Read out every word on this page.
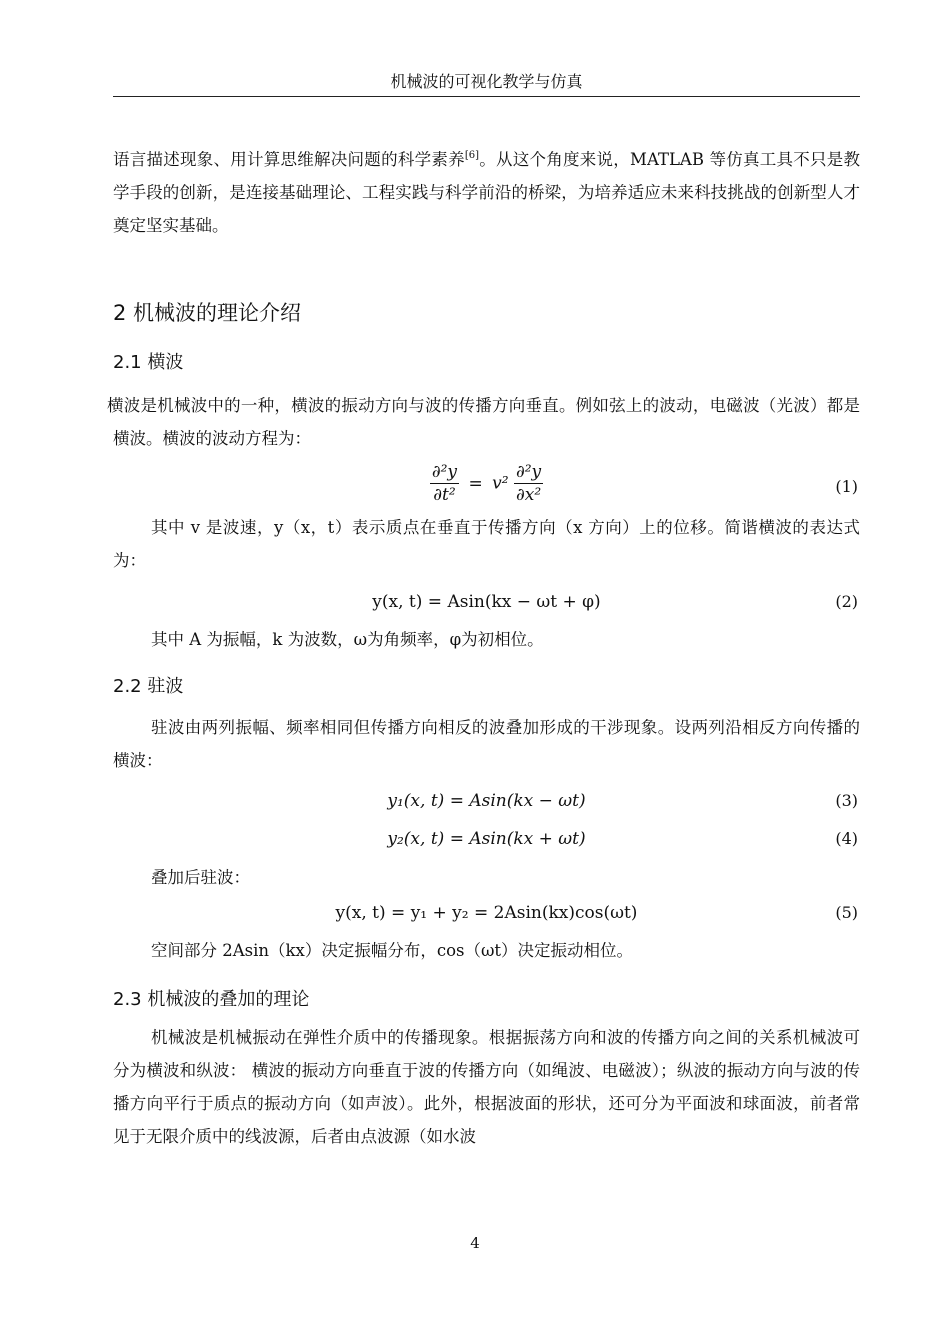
机械波的可视化教学与仿真

语言描述现象、用计算思维解决问题的科学素养[6]。从这个角度来说，MATLAB 等仿真工具不只是教学手段的创新，是连接基础理论、工程实践与科学前沿的桥梁，为培养适应未来科技挑战的创新型人才奠定坚实基础。

2 机械波的理论介绍
2.1 横波

横波是机械波中的一种，横波的振动方向与波的传播方向垂直。例如弦上的波动，电磁波（光波）都是横波。横波的波动方程为：

$\frac{\text{∂²y}}{\text{∂t²}} = v^2 \frac{\text{∂²y}}{\text{∂x²}}$	(1)

其中 v 是波速，y（x，t）表示质点在垂直于传播方向（x 方向）上的位移。简谐横波的表达式为：

y(x, t) = Asin(kx − ωt + φ)	(2)

其中 A 为振幅，k 为波数，ω为角频率，φ为初相位。

2.2 驻波

驻波由两列振幅、频率相同但传播方向相反的波叠加形成的干涉现象。设两列沿相反方向传播的横波：

y₁(x, t) = Asin(kx − ωt)	(3)
y₂(x, t) = Asin(kx + ωt)	(4)

叠加后驻波：

y(x, t) = y₁ + y₂ = 2Asin(kx)cos(ωt)	(5)

空间部分 2Asin（kx）决定振幅分布，cos（ωt）决定振动相位。

2.3 机械波的叠加的理论

机械波是机械振动在弹性介质中的传播现象。根据振荡方向和波的传播方向之间的关系机械波可分为横波和纵波： 横波的振动方向垂直于波的传播方向（如绳波、电磁波）；纵波的振动方向与波的传播方向平行于质点的振动方向（如声波）。此外，根据波面的形状，还可分为平面波和球面波，前者常见于无限介质中的线波源，后者由点波源（如水波

4
